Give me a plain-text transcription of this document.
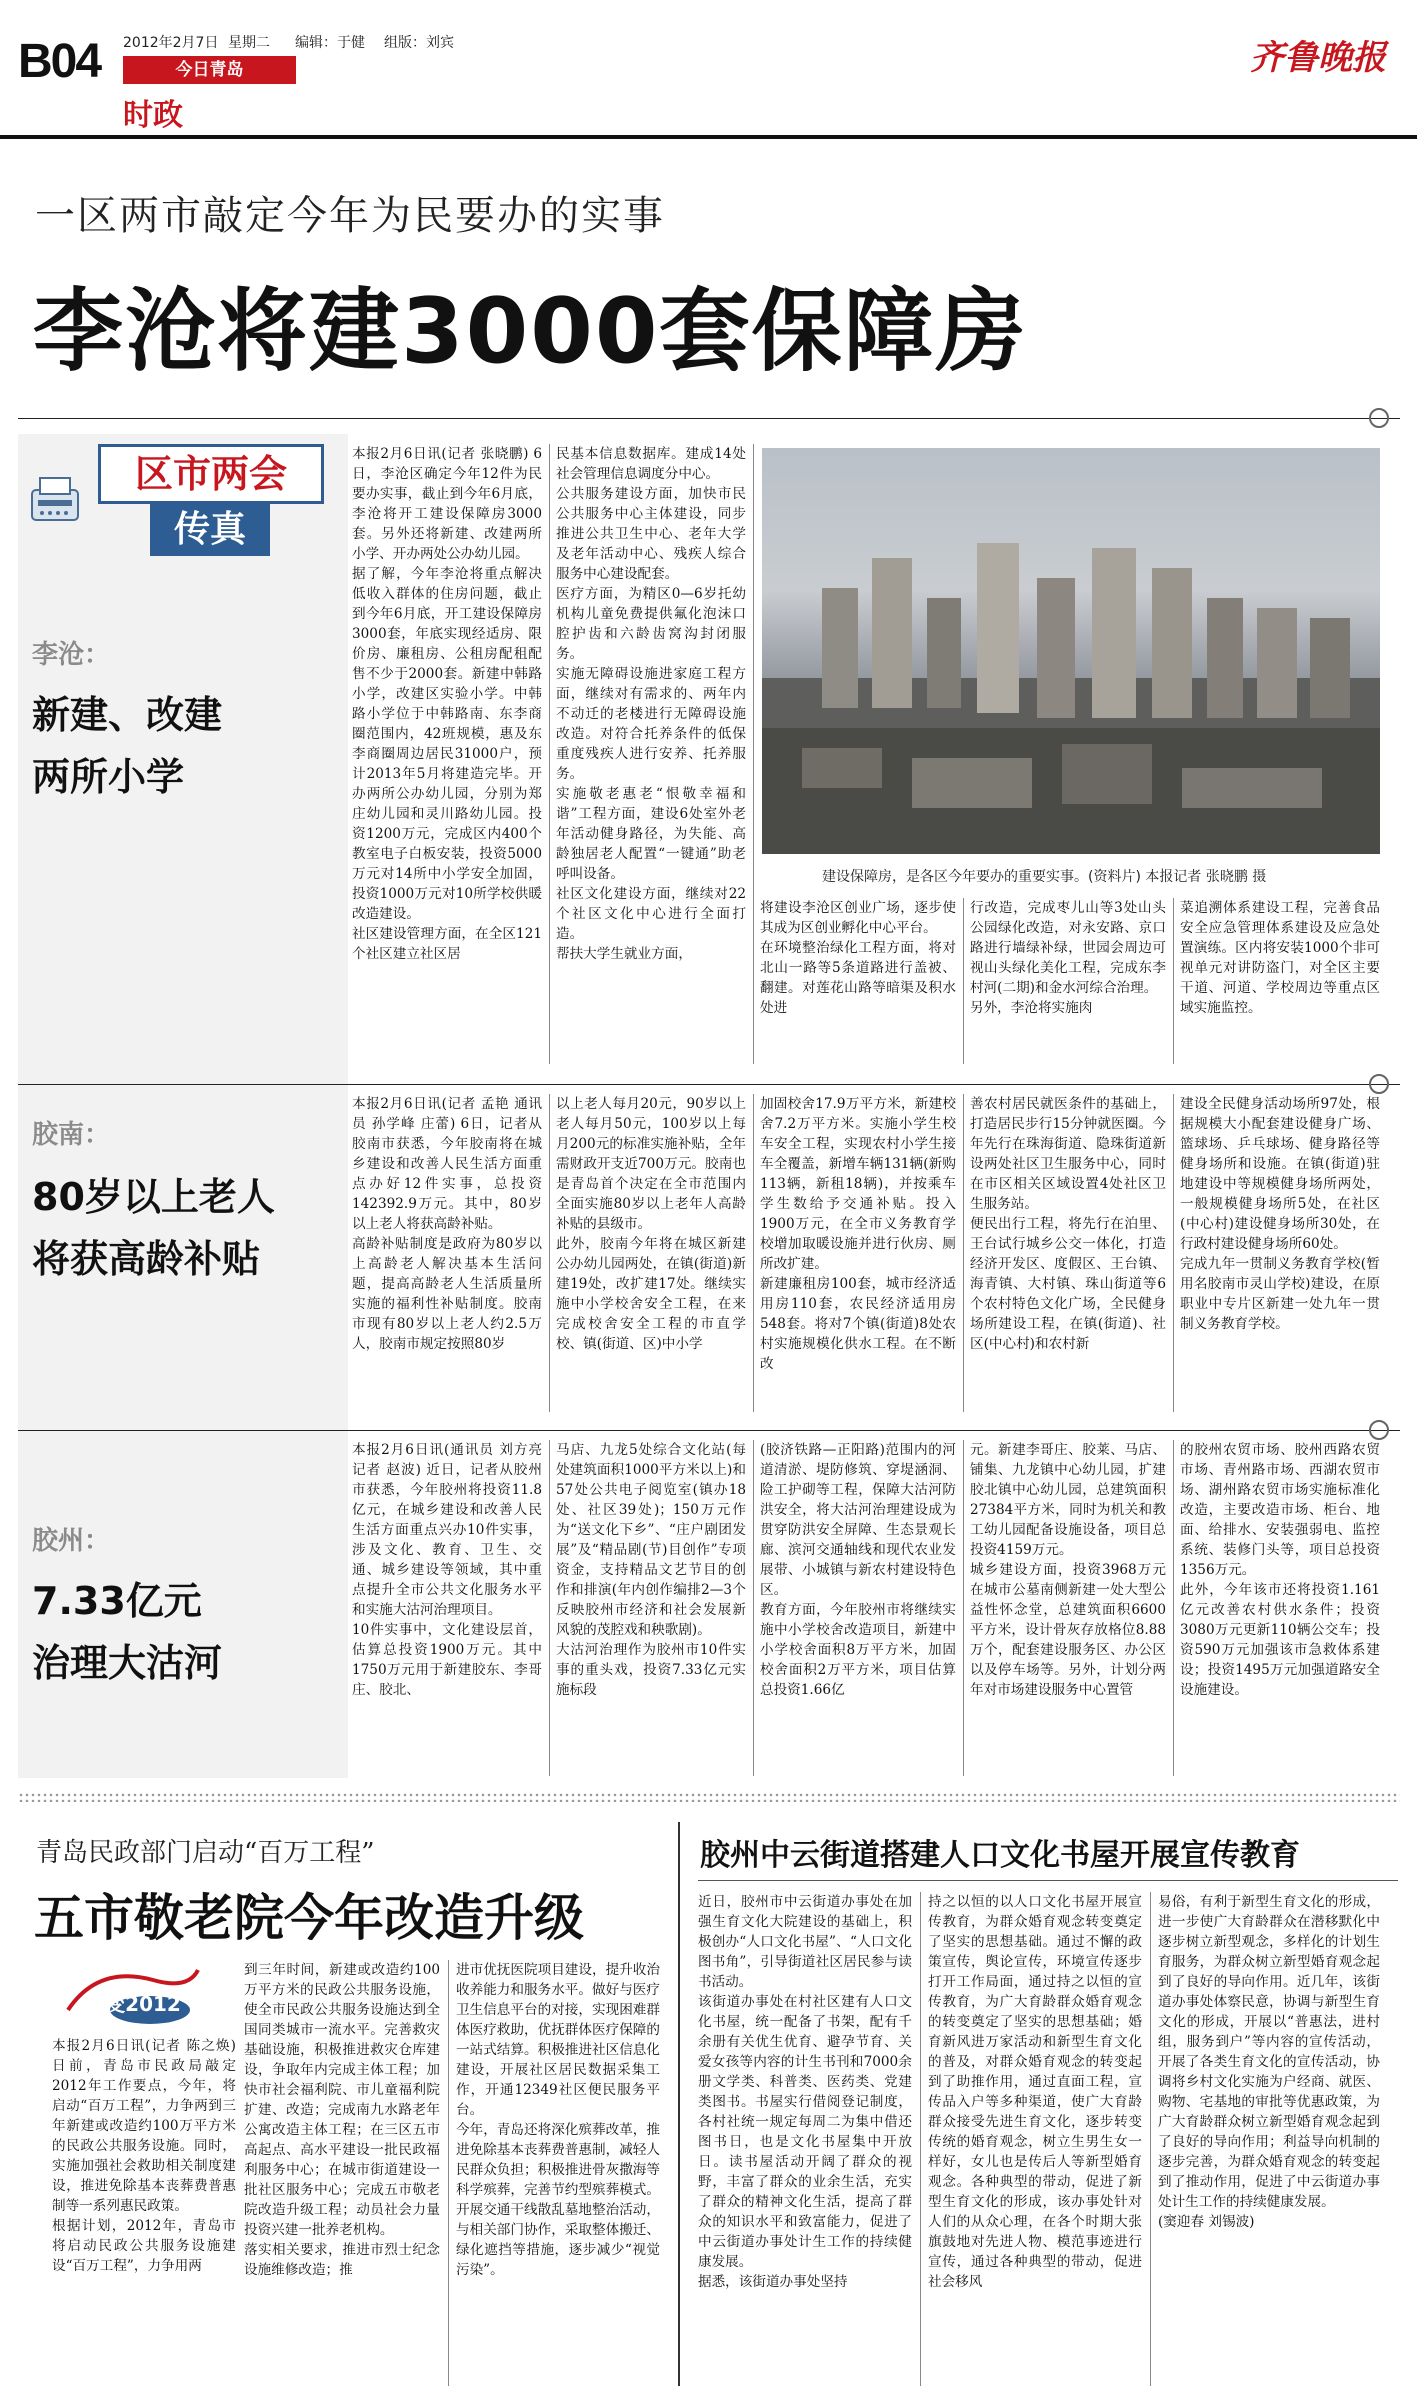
B04 2012年2月7日 星期二 编辑：于健 组版：刘宾
今日青岛
时政
齐鲁晚报
一区两市敲定今年为民要办的实事
李沧将建3000套保障房
区市两会
传真
李沧：
新建、改建
两所小学
本报2月6日讯(记者 张晓鹏) 6日，李沧区确定今年12件为民要办实事，截止到今年6月底，李沧将开工建设保障房3000套。另外还将新建、改建两所小学、开办两处公办幼儿园。
据了解，今年李沧将重点解决低收入群体的住房问题，截止到今年6月底，开工建设保障房3000套，年底实现经适房、限价房、廉租房、公租房配租配售不少于2000套。新建中韩路小学，改建区实验小学。中韩路小学位于中韩路南、东李商圈范围内，42班规模，惠及东李商圈周边居民31000户，预计2013年5月将建造完毕。开办两所公办幼儿园，分别为郑庄幼儿园和灵川路幼儿园。投资1200万元，完成区内400个教室电子白板安装，投资5000万元对14所中小学安全加固，投资1000万元对10所学校供暖改造建设。
社区建设管理方面，在全区121个社区建立社区居
民基本信息数据库。建成14处社会管理信息调度分中心。
公共服务建设方面，加快市民公共服务中心主体建设，同步推进公共卫生中心、老年大学及老年活动中心、残疾人综合服务中心建设配套。
医疗方面，为精区0—6岁托幼机构儿童免费提供氟化泡沫口腔护齿和六龄齿窝沟封闭服务。
实施无障碍设施进家庭工程方面，继续对有需求的、两年内不动迁的老楼进行无障碍设施改造。对符合托养条件的低保重度残疾人进行安养、托养服务。
实施敬老惠老“恨敬幸福和谐”工程方面，建设6处室外老年活动健身路径，为失能、高龄独居老人配置“一键通”助老呼叫设备。
社区文化建设方面，继续对22个社区文化中心进行全面打造。
帮扶大学生就业方面，
建设保障房，是各区今年要办的重要实事。(资料片) 本报记者 张晓鹏 摄
将建设李沧区创业广场，逐步使其成为区创业孵化中心平台。
在环境整治绿化工程方面，将对北山一路等5条道路进行盖被、翻建。对莲花山路等暗渠及积水处进
行改造，完成枣儿山等3处山头公园绿化改造，对永安路、京口路进行墙绿补绿，世园会周边可视山头绿化美化工程，完成东李村河(二期)和金水河综合治理。
另外，李沧将实施肉
菜追溯体系建设工程，完善食品安全应急管理体系建设及应急处置演练。区内将安装1000个非可视单元对讲防盗门，对全区主要干道、河道、学校周边等重点区域实施监控。
胶南：
80岁以上老人
将获高龄补贴
本报2月6日讯(记者 孟艳 通讯员 孙学峰 庄蕾) 6日，记者从胶南市获悉，今年胶南将在城乡建设和改善人民生活方面重点办好12件实事，总投资142392.9万元。其中，80岁以上老人将获高龄补贴。
高龄补贴制度是政府为80岁以上高龄老人解决基本生活问题，提高高龄老人生活质量所实施的福利性补贴制度。胶南市现有80岁以上老人约2.5万人，胶南市规定按照80岁
以上老人每月20元，90岁以上老人每月50元，100岁以上每月200元的标准实施补贴，全年需财政开支近700万元。胶南也是青岛首个决定在全市范围内全面实施80岁以上老年人高龄补贴的县级市。
此外，胶南今年将在城区新建公办幼儿园两处，在镇(街道)新建19处，改扩建17处。继续实施中小学校舍安全工程，在来完成校舍安全工程的市直学校、镇(街道、区)中小学
加固校舍17.9万平方米，新建校舍7.2万平方米。实施小学生校车安全工程，实现农村小学生接车全覆盖，新增车辆131辆(新购113辆，新租18辆)，并按乘车学生数给予交通补贴。投入1900万元，在全市义务教育学校增加取暖设施并进行伙房、厕所改扩建。
新建廉租房100套，城市经济适用房110套，农民经济适用房548套。将对7个镇(街道)8处农村实施规模化供水工程。在不断改
善农村居民就医条件的基础上，打造居民步行15分钟就医圈。今年先行在珠海街道、隐珠街道新设两处社区卫生服务中心，同时在市区相关区域设置4处社区卫生服务站。
便民出行工程，将先行在泊里、王台试行城乡公交一体化，打造经济开发区、度假区、王台镇、海青镇、大村镇、珠山街道等6个农村特色文化广场，全民健身场所建设工程，在镇(街道)、社区(中心村)和农村新
建设全民健身活动场所97处，根据规模大小配套建设健身广场、篮球场、乒乓球场、健身路径等健身场所和设施。在镇(街道)驻地建设中等规模健身场所两处，一般规模健身场所5处，在社区(中心村)建设健身场所30处，在行政村建设健身场所60处。
完成九年一贯制义务教育学校(暂用名胶南市灵山学校)建设，在原职业中专片区新建一处九年一贯制义务教育学校。
胶州：
7.33亿元
治理大沽河
本报2月6日讯(通讯员 刘方亮 记者 赵波) 近日，记者从胶州市获悉，今年胶州将投资11.8亿元，在城乡建设和改善人民生活方面重点兴办10件实事，涉及文化、教育、卫生、交通、城乡建设等领域，其中重点提升全市公共文化服务水平和实施大沽河治理项目。
10件实事中，文化建设层首，估算总投资1900万元。其中1750万元用于新建胶东、李哥庄、胶北、
马店、九龙5处综合文化站(每处建筑面积1000平方米以上)和57处公共电子阅览室(镇办18处、社区39处)；150万元作为“送文化下乡”、“庄户剧团发展”及“精品剧(节)目创作”专项资金，支持精品文艺节目的创作和排演(年内创作编排2—3个反映胶州市经济和社会发展新风貌的茂腔戏和秧歌剧)。
大沽河治理作为胶州市10件实事的重头戏，投资7.33亿元实施标段
(胶济铁路—正阳路)范围内的河道清淤、堤防修筑、穿堤涵洞、险工护砌等工程，保障大沽河防洪安全，将大沽河治理建设成为贯穿防洪安全屏障、生态景观长廊、滨河交通轴线和现代农业发展带、小城镇与新农村建设特色区。
教育方面，今年胶州市将继续实施中小学校舍改造项目，新建中小学校舍面积8万平方米，加固校舍面积2万平方米，项目估算总投资1.66亿
元。新建李哥庄、胶莱、马店、铺集、九龙镇中心幼儿园，扩建胶北镇中心幼儿园，总建筑面积27384平方米，同时为机关和教工幼儿园配备设施设备，项目总投资4159万元。
城乡建设方面，投资3968万元在城市公墓南侧新建一处大型公益性怀念堂，总建筑面积6600平方米，设计骨灰存放格位8.88万个，配套建设服务区、办公区以及停车场等。另外，计划分两年对市场建设服务中心置管
的胶州农贸市场、胶州西路农贸市场、青州路市场、西湖农贸市场、湖州路农贸市场实施标准化改造，主要改造市场、柜台、地面、给排水、安装强弱电、监控系统、装修门头等，项目总投资1356万元。
此外，今年该市还将投资1.161亿元改善农村供水条件；投资3080万元更新110辆公交车；投资590万元加强该市急救体系建设；投资1495万元加强道路安全设施建设。
青岛民政部门启动“百万工程”
五市敬老院今年改造升级
谋变2012
本报2月6日讯(记者 陈之焕) 日前，青岛市民政局敲定2012年工作要点，今年，将启动“百万工程”，力争两到三年新建或改造约100万平方米的民政公共服务设施。同时，实施加强社会救助相关制度建设，推进免除基本丧葬费普惠制等一系列惠民政策。
根据计划，2012年，青岛市将启动民政公共服务设施建设“百万工程”，力争用两
到三年时间，新建或改造约100万平方米的民政公共服务设施，使全市民政公共服务设施达到全国同类城市一流水平。完善救灾基础设施，积极推进救灾仓库建设，争取年内完成主体工程；加快市社会福利院、市儿童福利院扩建、改造；完成南九水路老年公寓改造主体工程；在三区五市高起点、高水平建设一批民政福利服务中心；在城市街道建设一批社区服务中心；完成五市敬老院改造升级工程；动员社会力量投资兴建一批养老机构。
落实相关要求，推进市烈士纪念设施维修改造；推
进市优抚医院项目建设，提升收治收养能力和服务水平。做好与医疗卫生信息平台的对接，实现困难群体医疗救助，优抚群体医疗保障的一站式结算。积极推进社区信息化建设，开展社区居民数据采集工作，开通12349社区便民服务平台。
今年，青岛还将深化殡葬改革，推进免除基本丧葬费普惠制，减轻人民群众负担；积极推进骨灰撒海等科学殡葬，完善节约型殡葬模式。开展交通干线散乱墓地整治活动，与相关部门协作，采取整体搬迁、绿化遮挡等措施，逐步减少“视觉污染”。
胶州中云街道搭建人口文化书屋开展宣传教育
近日，胶州市中云街道办事处在加强生育文化大院建设的基础上，积极创办“人口文化书屋”、“人口文化图书角”，引导街道社区居民参与读书活动。
该街道办事处在村社区建有人口文化书屋，统一配备了书架，配有千余册有关优生优育、避孕节育、关爱女孩等内容的计生书刊和7000余册文学类、科普类、医药类、党建类图书。书屋实行借阅登记制度，各村社统一规定每周二为集中借还图书日，也是文化书屋集中开放日。读书屋活动开阔了群众的视野，丰富了群众的业余生活，充实了群众的精神文化生活，提高了群众的知识水平和致富能力，促进了中云街道办事处计生工作的持续健康发展。
据悉，该街道办事处坚持
持之以恒的以人口文化书屋开展宣传教育，为群众婚育观念转变奠定了坚实的思想基础。通过不懈的政策宣传，舆论宣传，环境宣传逐步打开工作局面，通过持之以恒的宣传教育，为广大育龄群众婚育观念的转变奠定了坚实的思想基础；婚育新风进万家活动和新型生育文化的普及，对群众婚育观念的转变起到了助推作用，通过直面工程，宣传品入户等多种渠道，使广大育龄群众接受先进生育文化，逐步转变传统的婚育观念，树立生男生女一样好，女儿也是传后人等新型婚育观念。各种典型的带动，促进了新型生育文化的形成，该办事处针对人们的从众心理，在各个时期大张旗鼓地对先进人物、模范事迹进行宣传，通过各种典型的带动，促进社会移风
易俗，有利于新型生育文化的形成，进一步使广大育龄群众在潜移默化中逐步树立新型观念，多样化的计划生育服务，为群众树立新型婚育观念起到了良好的导向作用。近几年，该街道办事处体察民意，协调与新型生育文化的形成，开展以“普惠法，进村组，服务到户”等内容的宣传活动，开展了各类生育文化的宣传活动，协调将乡村文化实施为户经商、就医、购物、宅基地的审批等优惠政策，为广大育龄群众树立新型婚育观念起到了良好的导向作用；利益导向机制的逐步完善，为群众婚育观念的转变起到了推动作用，促进了中云街道办事处计生工作的持续健康发展。
(窦迎春 刘锡波)
